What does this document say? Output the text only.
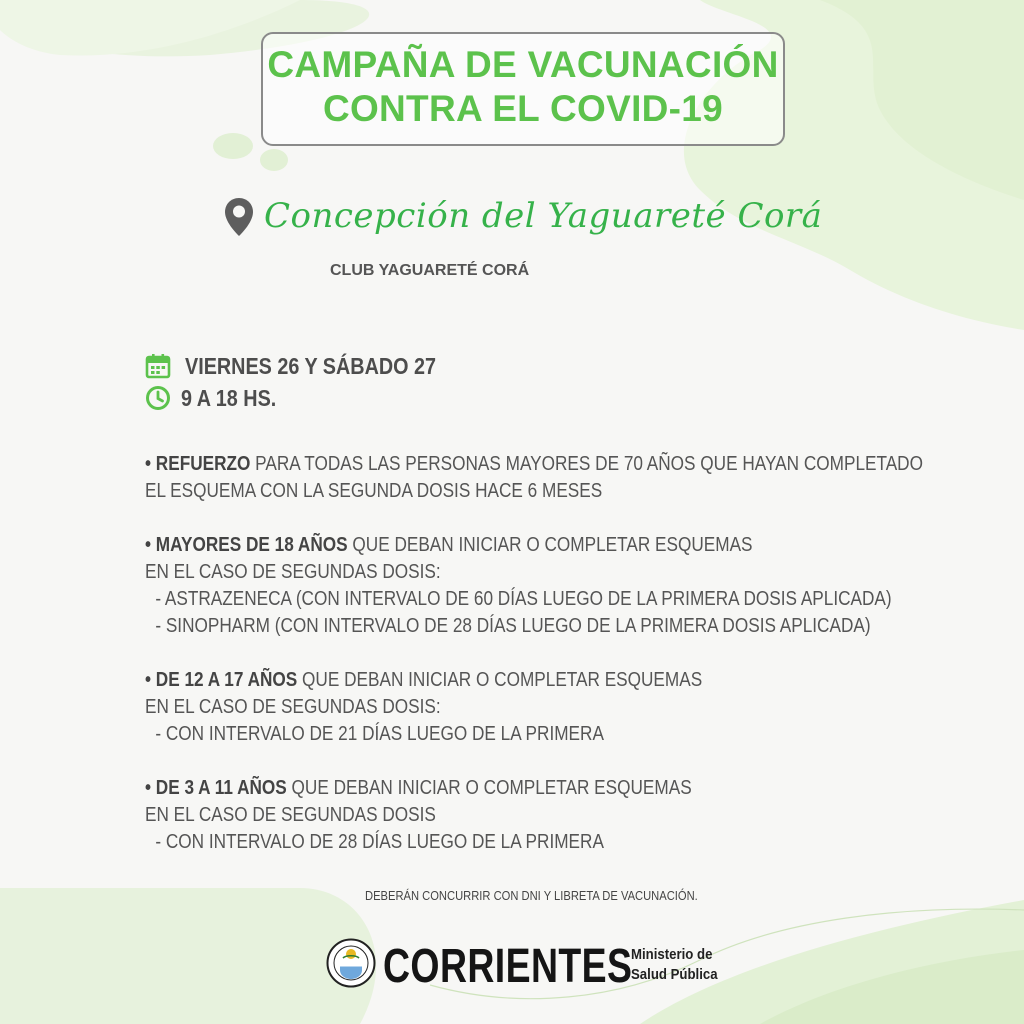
CAMPAÑA DE VACUNACIÓN
CONTRA EL COVID-19
Concepción del Yaguareté Corá
CLUB YAGUARETÉ CORÁ
VIERNES 26 Y SÁBADO 27
9 A 18 HS.
• REFUERZO PARA TODAS LAS PERSONAS MAYORES DE 70 AÑOS QUE HAYAN COMPLETADO
EL ESQUEMA CON LA SEGUNDA DOSIS HACE 6 MESES
• MAYORES DE 18 AÑOS QUE DEBAN INICIAR O COMPLETAR ESQUEMAS
EN EL CASO DE SEGUNDAS DOSIS:
- ASTRAZENECA (CON INTERVALO DE 60 DÍAS LUEGO DE LA PRIMERA DOSIS APLICADA)
- SINOPHARM (CON INTERVALO DE 28 DÍAS LUEGO DE LA PRIMERA DOSIS APLICADA)
• DE 12 A 17 AÑOS QUE DEBAN INICIAR O COMPLETAR ESQUEMAS
EN EL CASO DE SEGUNDAS DOSIS:
- CON INTERVALO DE 21 DÍAS LUEGO DE LA PRIMERA
• DE 3 A 11 AÑOS QUE DEBAN INICIAR O COMPLETAR ESQUEMAS
EN EL CASO DE SEGUNDAS DOSIS
- CON INTERVALO DE 28 DÍAS LUEGO DE LA PRIMERA
DEBERÁN CONCURRIR CON DNI Y LIBRETA DE VACUNACIÓN.
CORRIENTES
Ministerio de
Salud Pública
